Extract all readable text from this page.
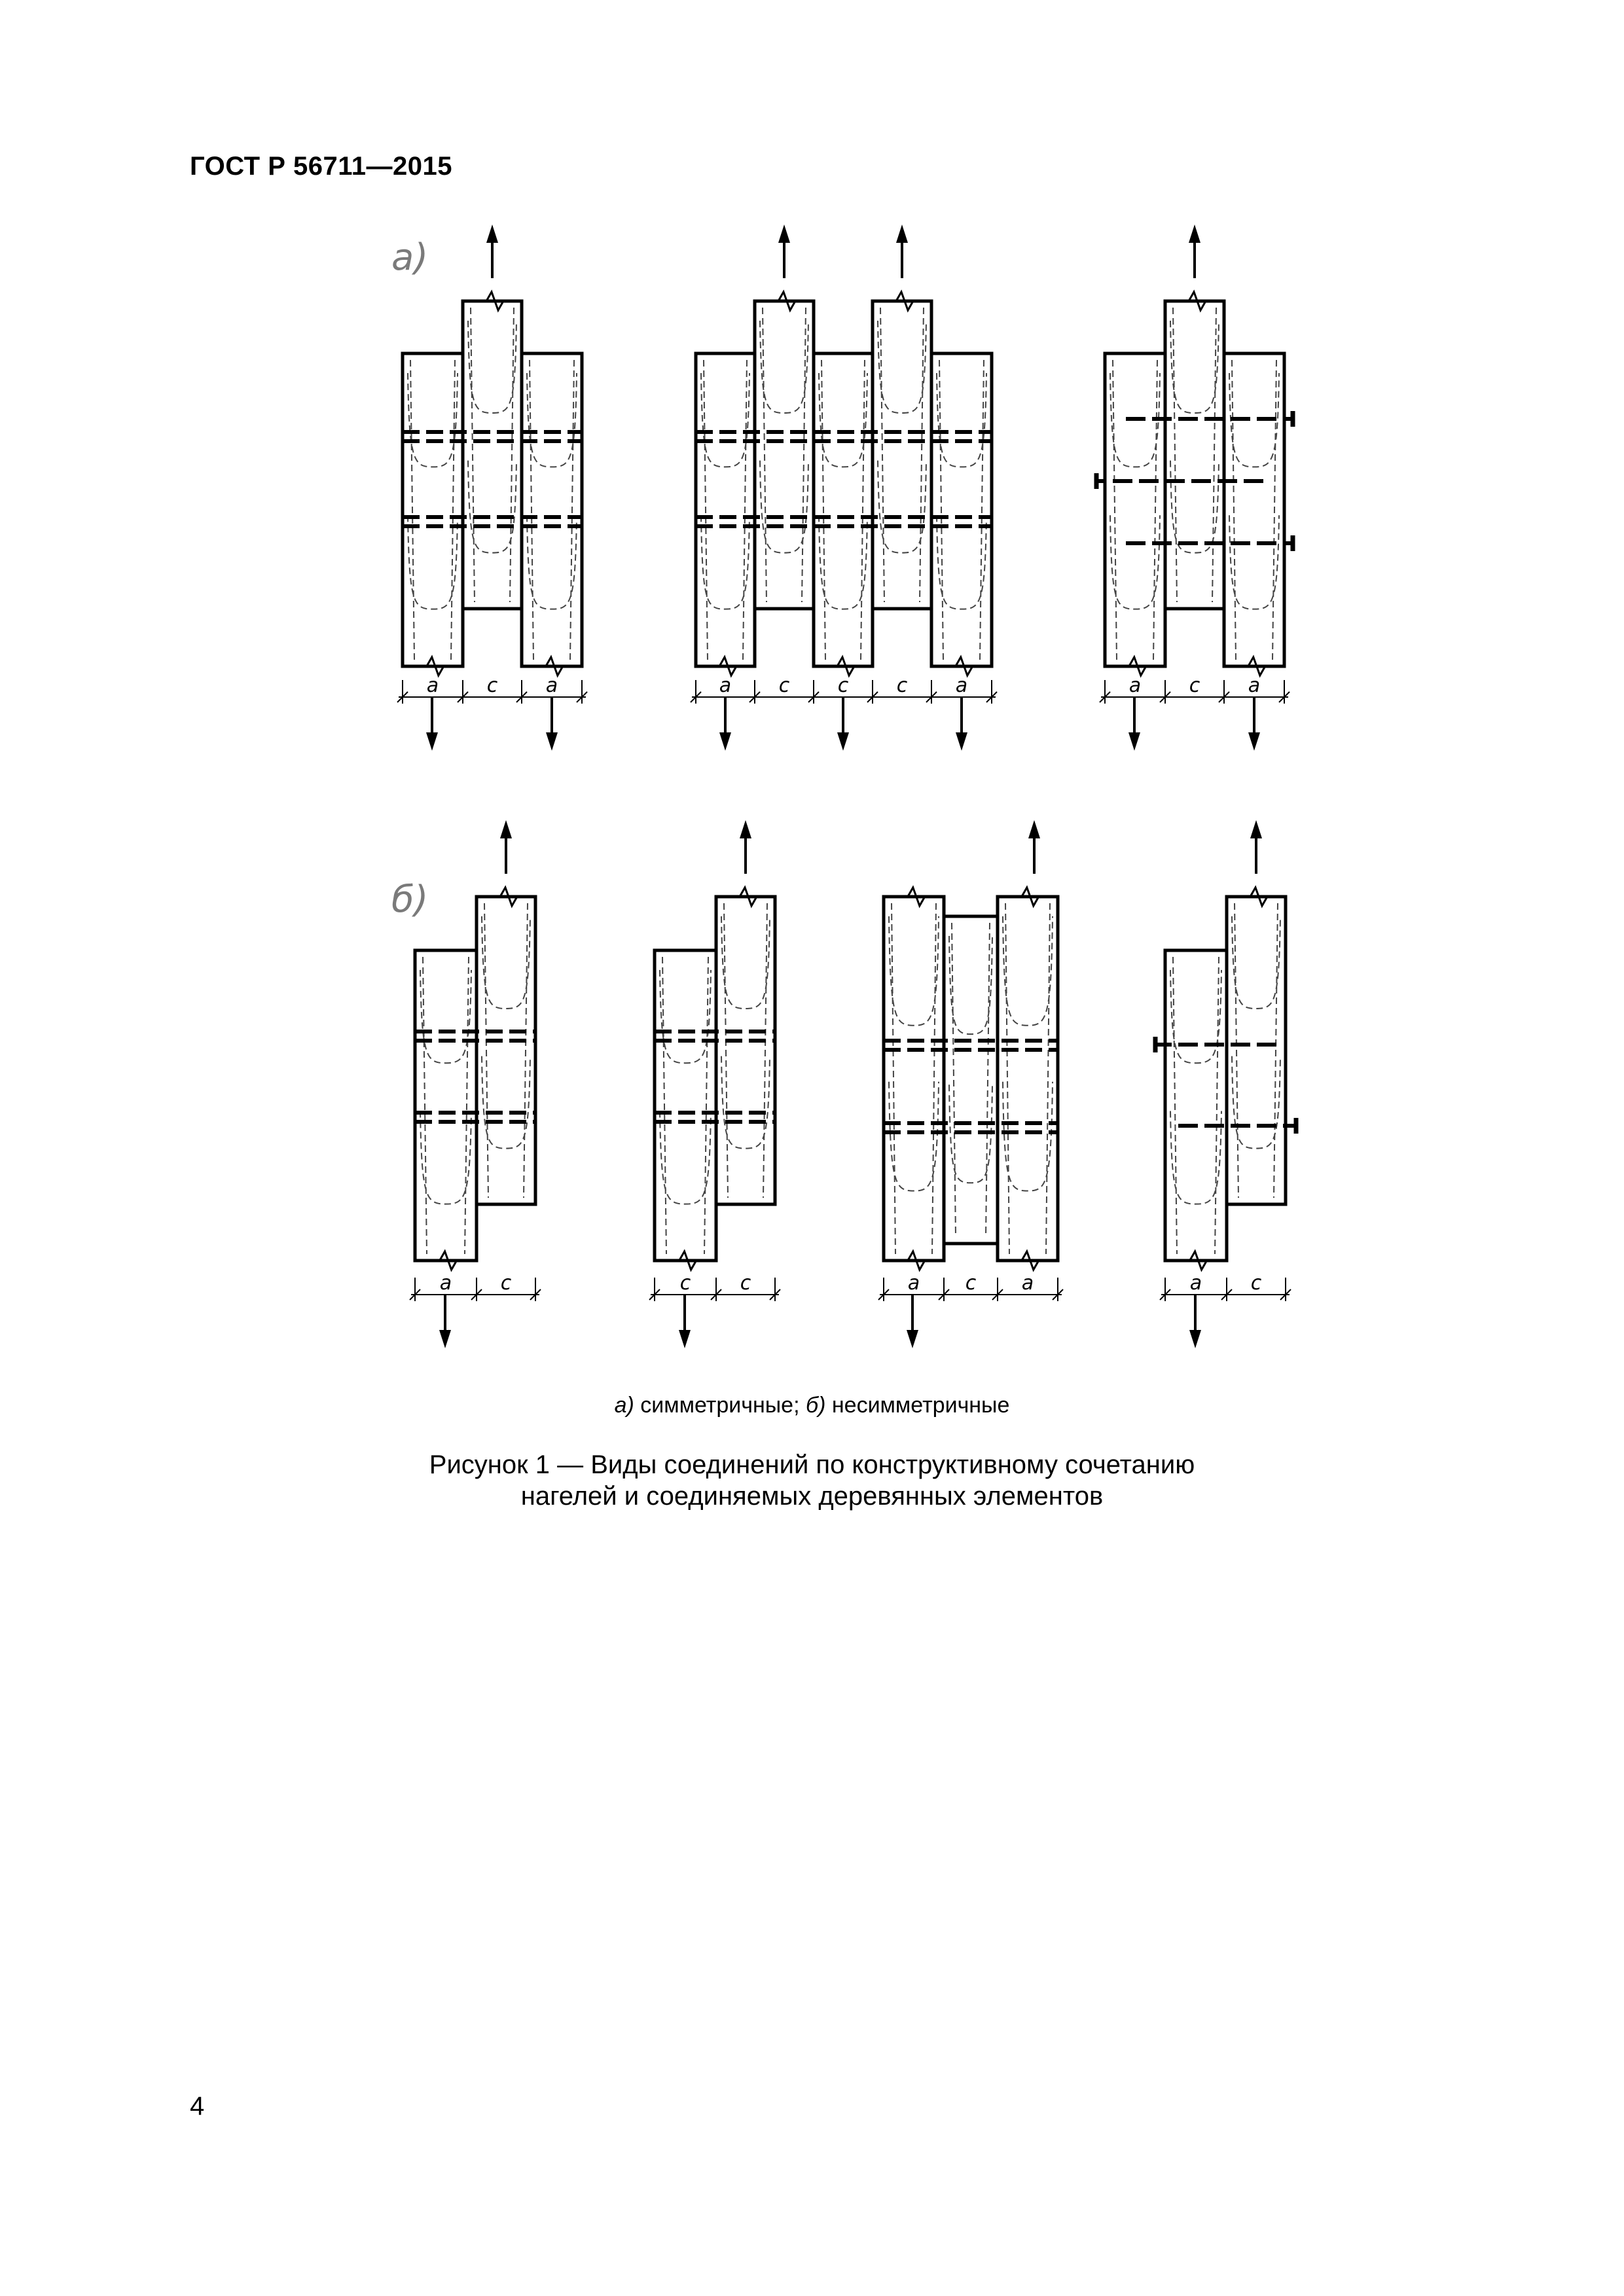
ГОСТ Р 56711—2015
а)
б)
а с а	а с с с а	а с а
а с	с	с	а с а	а с
а) симметричные; б) несимметричные
Рисунок 1 — Виды соединений по конструктивному сочетанию
нагелей и соединяемых деревянных элементов
4
